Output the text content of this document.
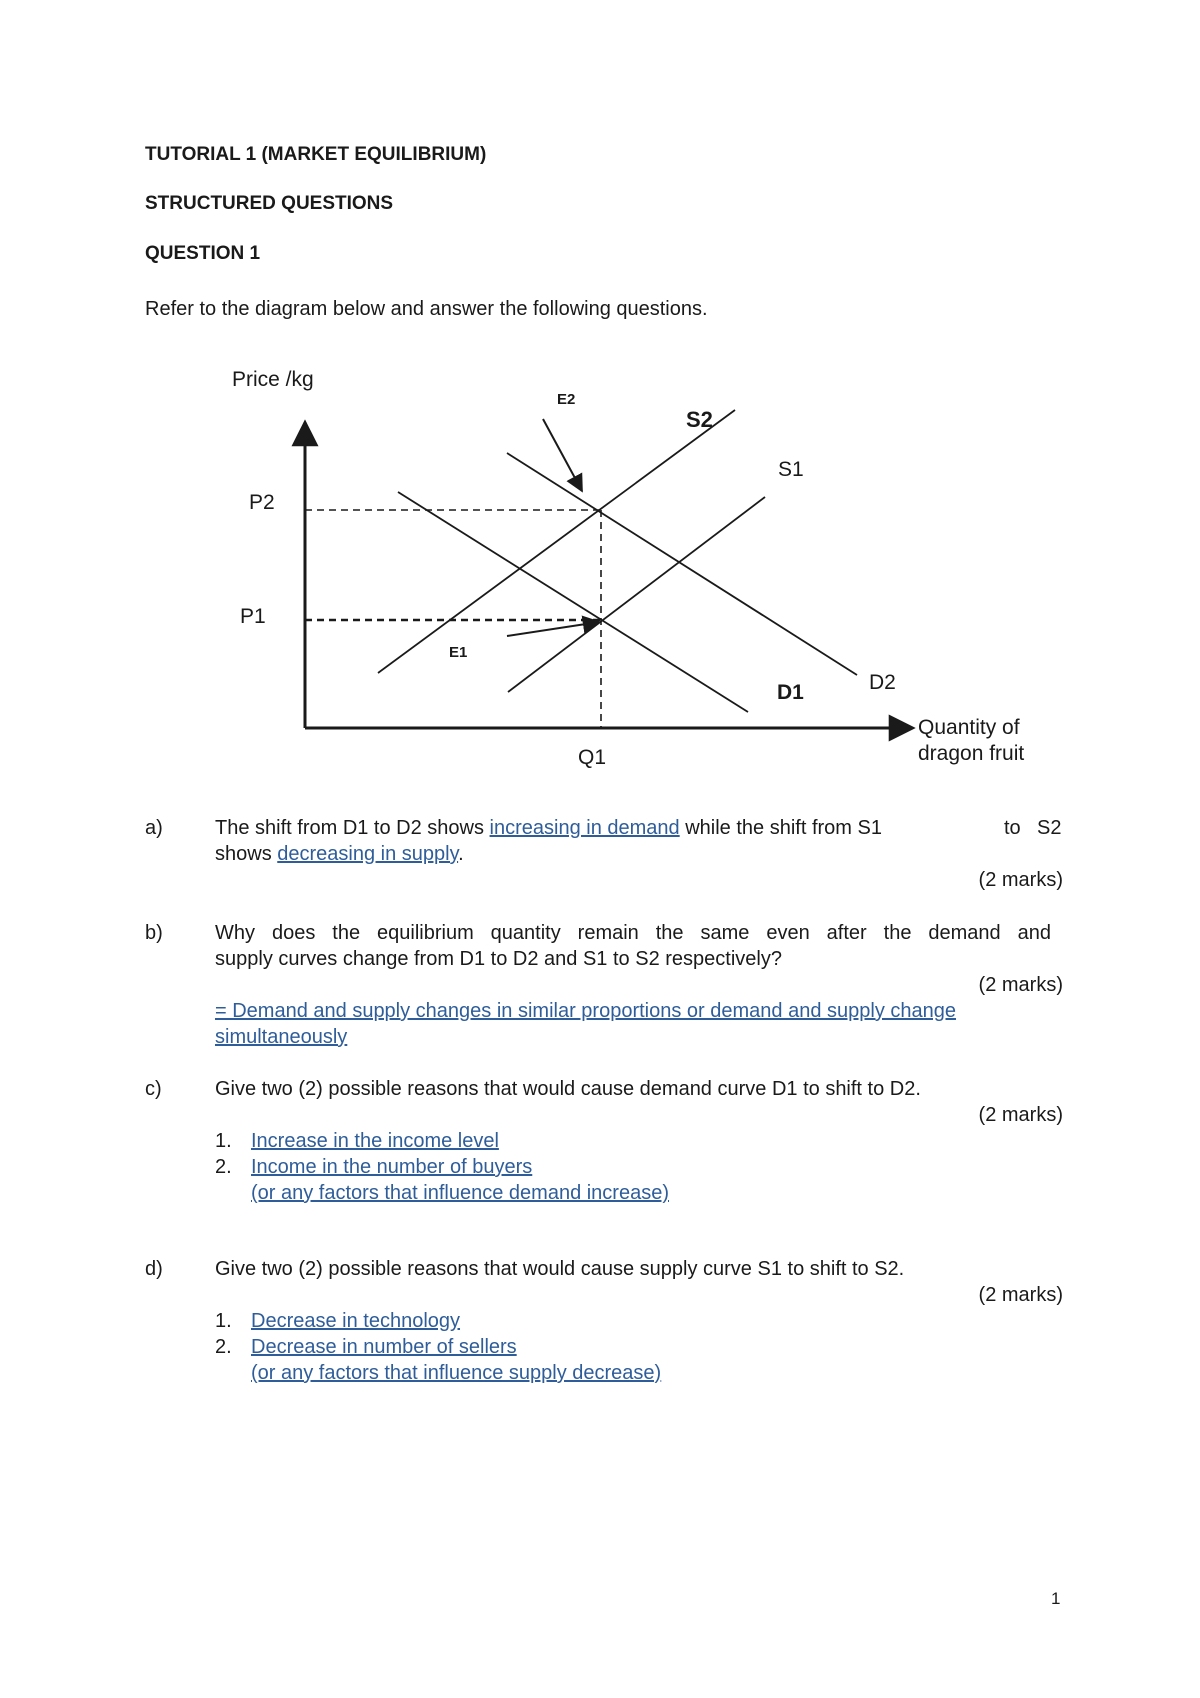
TUTORIAL 1 (MARKET EQUILIBRIUM)
STRUCTURED QUESTIONS
QUESTION 1
Refer to the diagram below and answer the following questions.
Price /kg
P2
P1
Q1
Quantity of
dragon fruit
S2
S1
D1	D2
E2
E1
a)	The shift from D1 to D2 shows increasing in demand while the shift from S1	to S2
shows decreasing in supply.
(2 marks)
b)	Why does the equilibrium quantity remain the same even after the demand and
supply curves change from D1 to D2 and S1 to S2 respectively?
(2 marks)
= Demand and supply changes in similar proportions or demand and supply change
simultaneously
c)	Give two (2) possible reasons that would cause demand curve D1 to shift to D2.
(2 marks)
1. Increase in the income level
2. Income in the number of buyers
(or any factors that influence demand increase)
d)	Give two (2) possible reasons that would cause supply curve S1 to shift to S2.
(2 marks)
1. Decrease in technology
2. Decrease in number of sellers
(or any factors that influence supply decrease)
1
